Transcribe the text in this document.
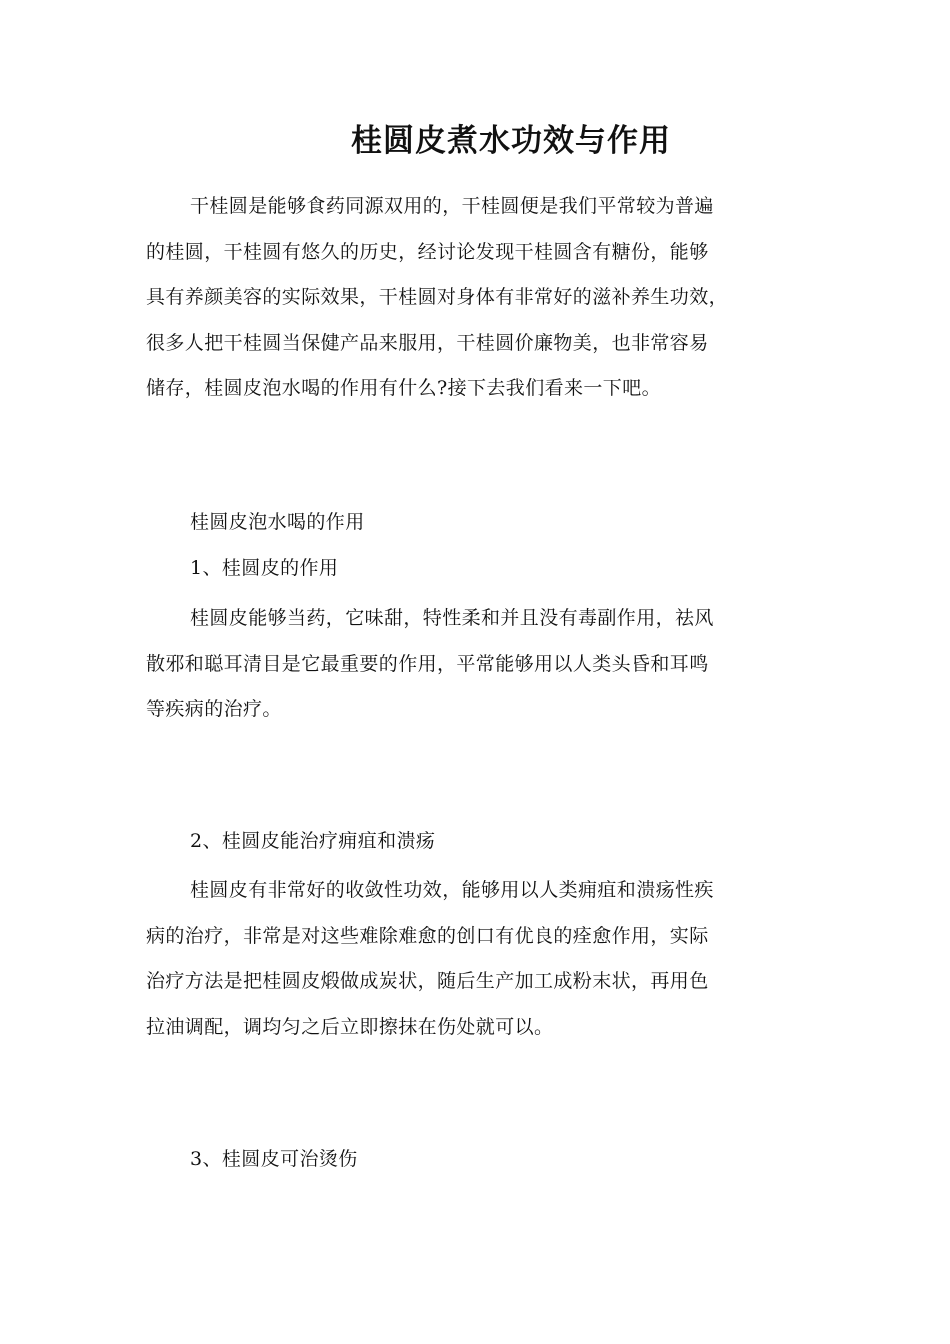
桂圆皮煮水功效与作用
干桂圆是能够食药同源双用的，干桂圆便是我们平常较为普遍
的桂圆，干桂圆有悠久的历史，经讨论发现干桂圆含有糖份，能够
具有养颜美容的实际效果，干桂圆对身体有非常好的滋补养生功效，
很多人把干桂圆当保健产品来服用，干桂圆价廉物美，也非常容易
储存，桂圆皮泡水喝的作用有什么?接下去我们看来一下吧。
桂圆皮泡水喝的作用
1、桂圆皮的作用
桂圆皮能够当药，它味甜，特性柔和并且没有毒副作用，祛风
散邪和聪耳清目是它最重要的作用，平常能够用以人类头昏和耳鸣
等疾病的治疗。
2、桂圆皮能治疗痈疽和溃疡
桂圆皮有非常好的收敛性功效，能够用以人类痈疽和溃疡性疾
病的治疗，非常是对这些难除难愈的创口有优良的痊愈作用，实际
治疗方法是把桂圆皮煅做成炭状，随后生产加工成粉末状，再用色
拉油调配，调均匀之后立即擦抹在伤处就可以。
3、桂圆皮可治烫伤
